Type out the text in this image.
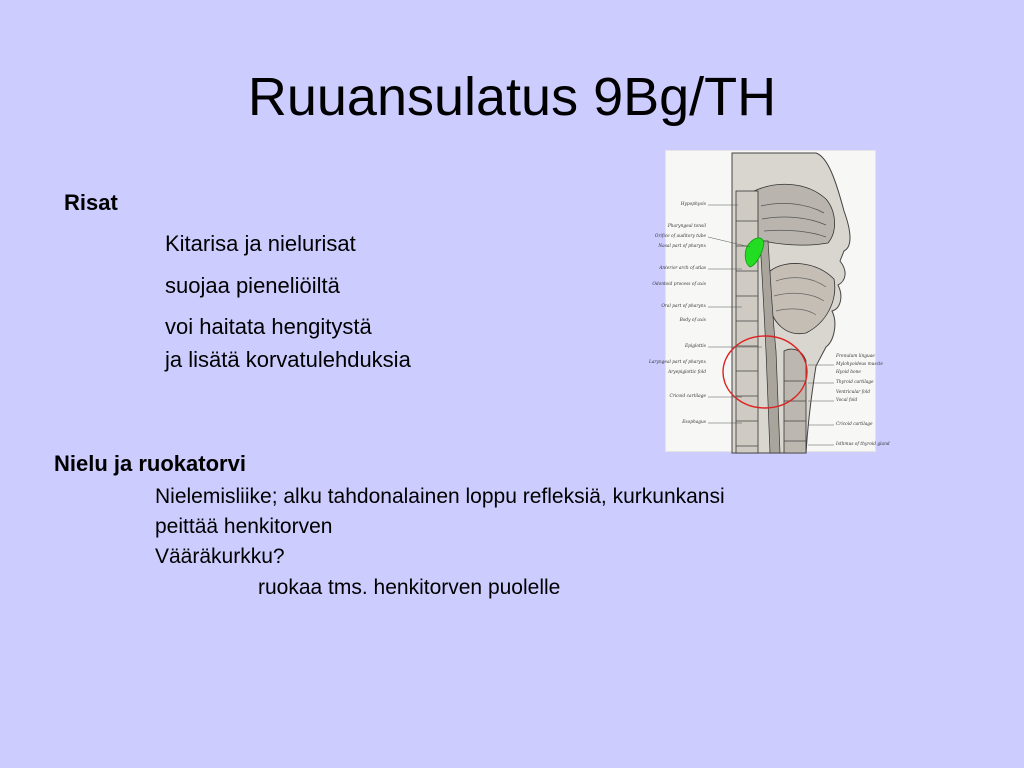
Ruuansulatus 9Bg/TH
Risat
Kitarisa ja nielurisat
suojaa pieneliöiltä
voi haitata hengitystä
ja lisätä korvatulehduksia
Nielu ja ruokatorvi
Nielemisliike; alku tahdonalainen loppu refleksiä, kurkunkansi
peittää henkitorven
Vääräkurkku?
ruokaa tms. henkitorven puolelle
Hypophysis
Pharyngeal tonsil
Orifice of auditory tube
Nasal part of pharynx
Anterior arch of atlas
Odontoid process of axis
Oral part of pharynx
Body of axis
Epiglottis
Laryngeal part of pharynx
Aryepiglottic fold
Cricoid cartilage
Esophagus
Frenulum linguae
Mylohyoideus muscle
Hyoid bone
Thyroid cartilage
Ventricular fold
Vocal fold
Cricoid cartilage
Isthmus of thyroid gland
